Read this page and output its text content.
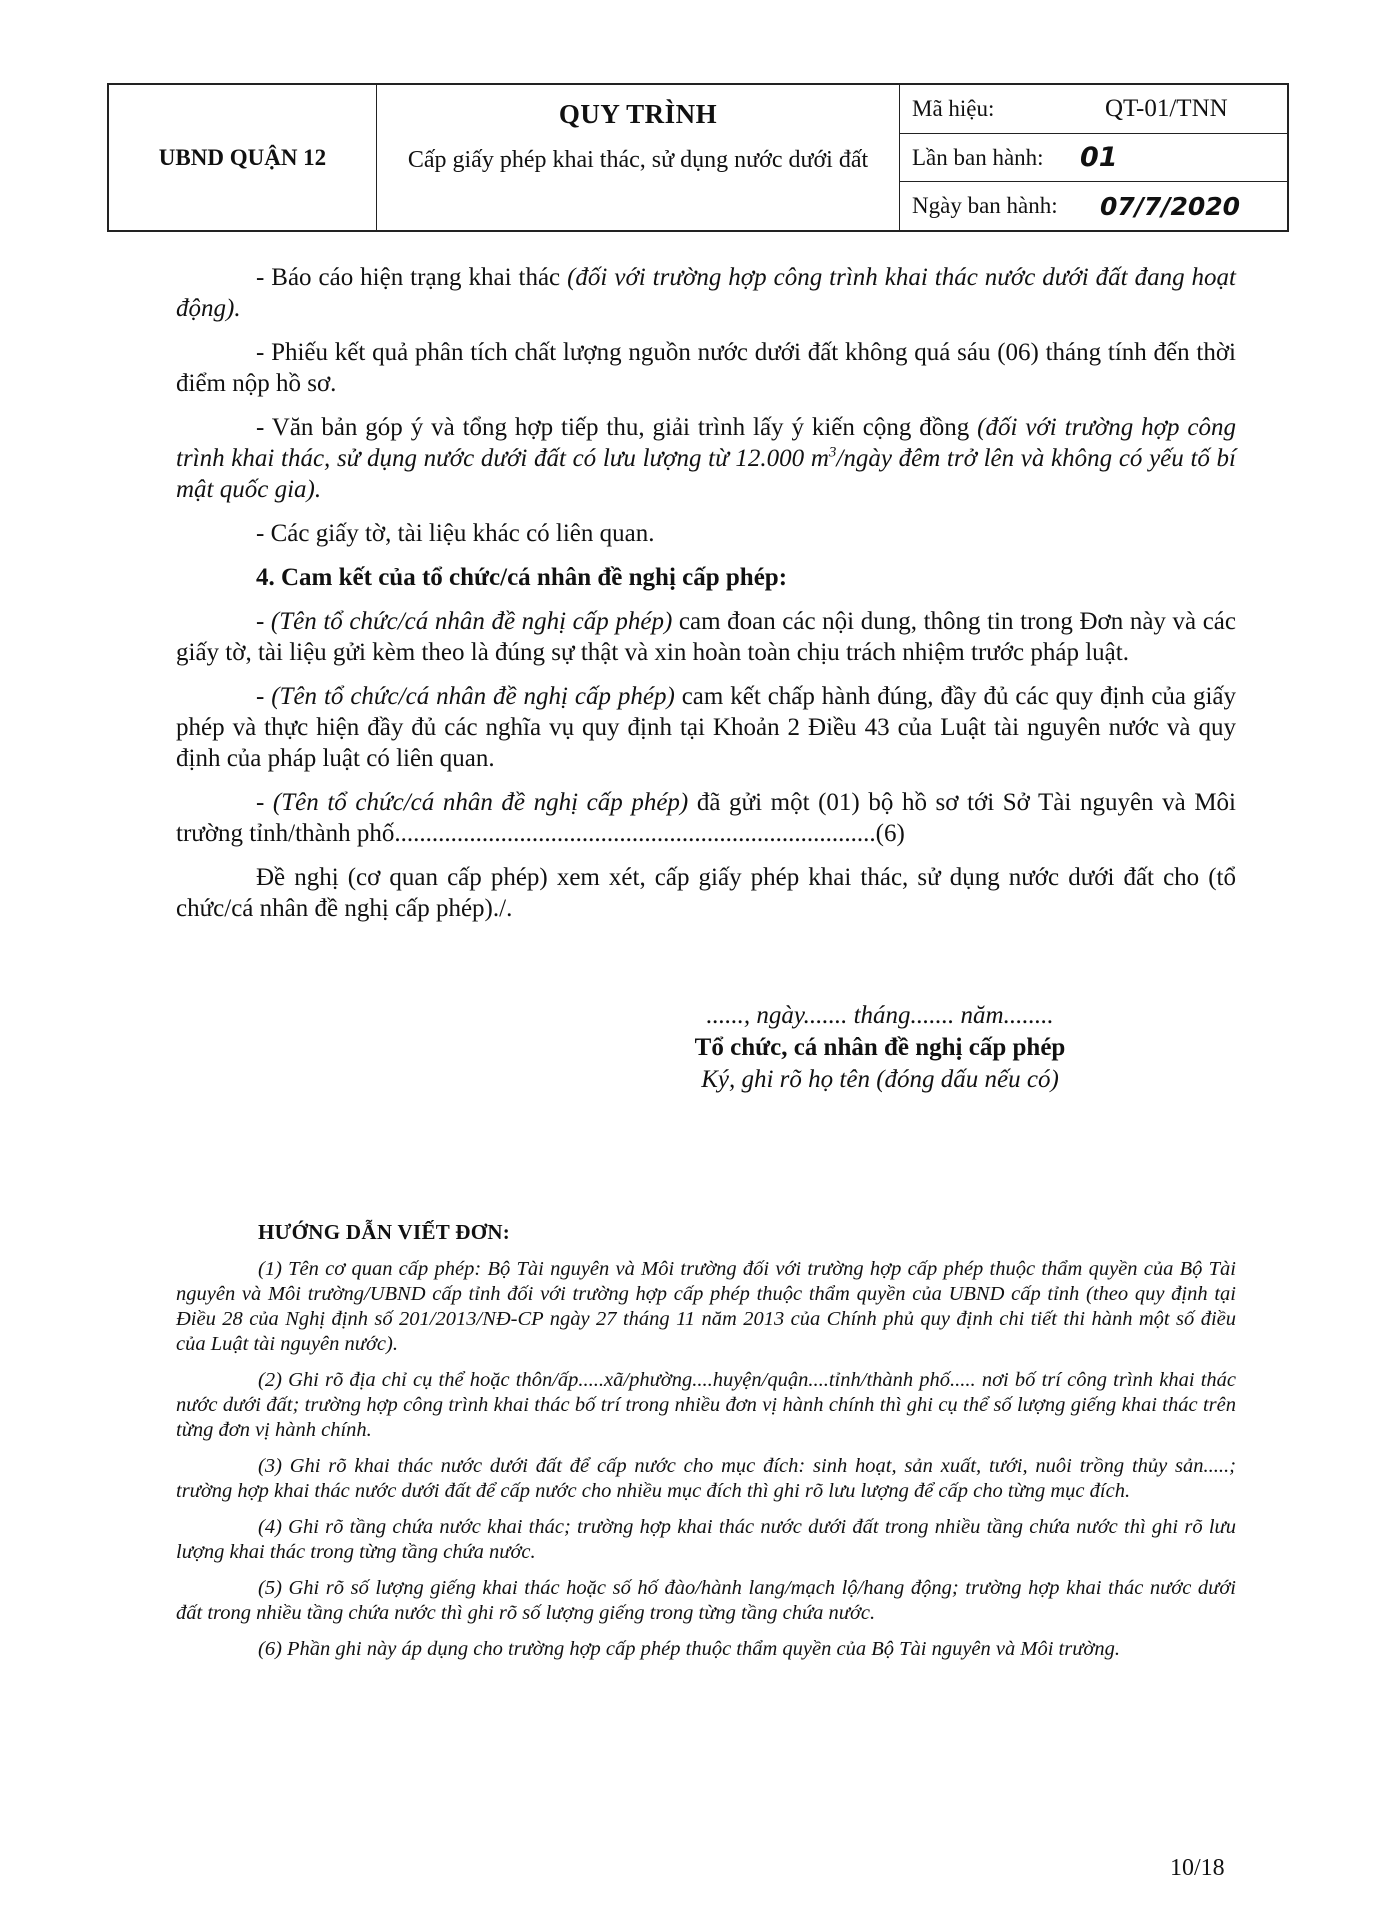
UBND QUẬN 12
QUY TRÌNH
Cấp giấy phép khai thác, sử dụng nước dưới đất
Mã hiệu:	QT-01/TNN
Lần ban hành: 01
Ngày ban hành: 07/7/2020

- Báo cáo hiện trạng khai thác (đối với trường hợp công trình khai thác nước dưới đất đang hoạt động).

- Phiếu kết quả phân tích chất lượng nguồn nước dưới đất không quá sáu (06) tháng tính đến thời điểm nộp hồ sơ.

- Văn bản góp ý và tổng hợp tiếp thu, giải trình lấy ý kiến cộng đồng (đối với trường hợp công trình khai thác, sử dụng nước dưới đất có lưu lượng từ 12.000 $m^3$/ngày đêm trở lên và không có yếu tố bí mật quốc gia).

- Các giấy tờ, tài liệu khác có liên quan.

4. Cam kết của tổ chức/cá nhân đề nghị cấp phép:

- (Tên tổ chức/cá nhân đề nghị cấp phép) cam đoan các nội dung, thông tin trong Đơn này và các giấy tờ, tài liệu gửi kèm theo là đúng sự thật và xin hoàn toàn chịu trách nhiệm trước pháp luật.

- (Tên tổ chức/cá nhân đề nghị cấp phép) cam kết chấp hành đúng, đầy đủ các quy định của giấy phép và thực hiện đầy đủ các nghĩa vụ quy định tại Khoản 2 Điều 43 của Luật tài nguyên nước và quy định của pháp luật có liên quan.

- (Tên tổ chức/cá nhân đề nghị cấp phép) đã gửi một (01) bộ hồ sơ tới Sở Tài nguyên và Môi trường tỉnh/thành phố.............................................................................(6)

Đề nghị (cơ quan cấp phép) xem xét, cấp giấy phép khai thác, sử dụng nước dưới đất cho (tổ chức/cá nhân đề nghị cấp phép)./.

......, ngày....... tháng....... năm........
Tổ chức, cá nhân đề nghị cấp phép
Ký, ghi rõ họ tên (đóng dấu nếu có)
HƯỚNG DẪN VIẾT ĐƠN:

(1) Tên cơ quan cấp phép: Bộ Tài nguyên và Môi trường đối với trường hợp cấp phép thuộc thẩm quyền của Bộ Tài nguyên và Môi trường/UBND cấp tỉnh đối với trường hợp cấp phép thuộc thẩm quyền của UBND cấp tỉnh (theo quy định tại Điều 28 của Nghị định số 201/2013/NĐ-CP ngày 27 tháng 11 năm 2013 của Chính phủ quy định chi tiết thi hành một số điều của Luật tài nguyên nước).

(2) Ghi rõ địa chỉ cụ thể hoặc thôn/ấp.....xã/phường....huyện/quận....tỉnh/thành phố..... nơi bố trí công trình khai thác nước dưới đất; trường hợp công trình khai thác bố trí trong nhiều đơn vị hành chính thì ghi cụ thể số lượng giếng khai thác trên từng đơn vị hành chính.

(3) Ghi rõ khai thác nước dưới đất để cấp nước cho mục đích: sinh hoạt, sản xuất, tưới, nuôi trồng thủy sản.....; trường hợp khai thác nước dưới đất để cấp nước cho nhiều mục đích thì ghi rõ lưu lượng để cấp cho từng mục đích.

(4) Ghi rõ tầng chứa nước khai thác; trường hợp khai thác nước dưới đất trong nhiều tầng chứa nước thì ghi rõ lưu lượng khai thác trong từng tầng chứa nước.

(5) Ghi rõ số lượng giếng khai thác hoặc số hố đào/hành lang/mạch lộ/hang động; trường hợp khai thác nước dưới đất trong nhiều tầng chứa nước thì ghi rõ số lượng giếng trong từng tầng chứa nước.

(6) Phần ghi này áp dụng cho trường hợp cấp phép thuộc thẩm quyền của Bộ Tài nguyên và Môi trường.

10/18
